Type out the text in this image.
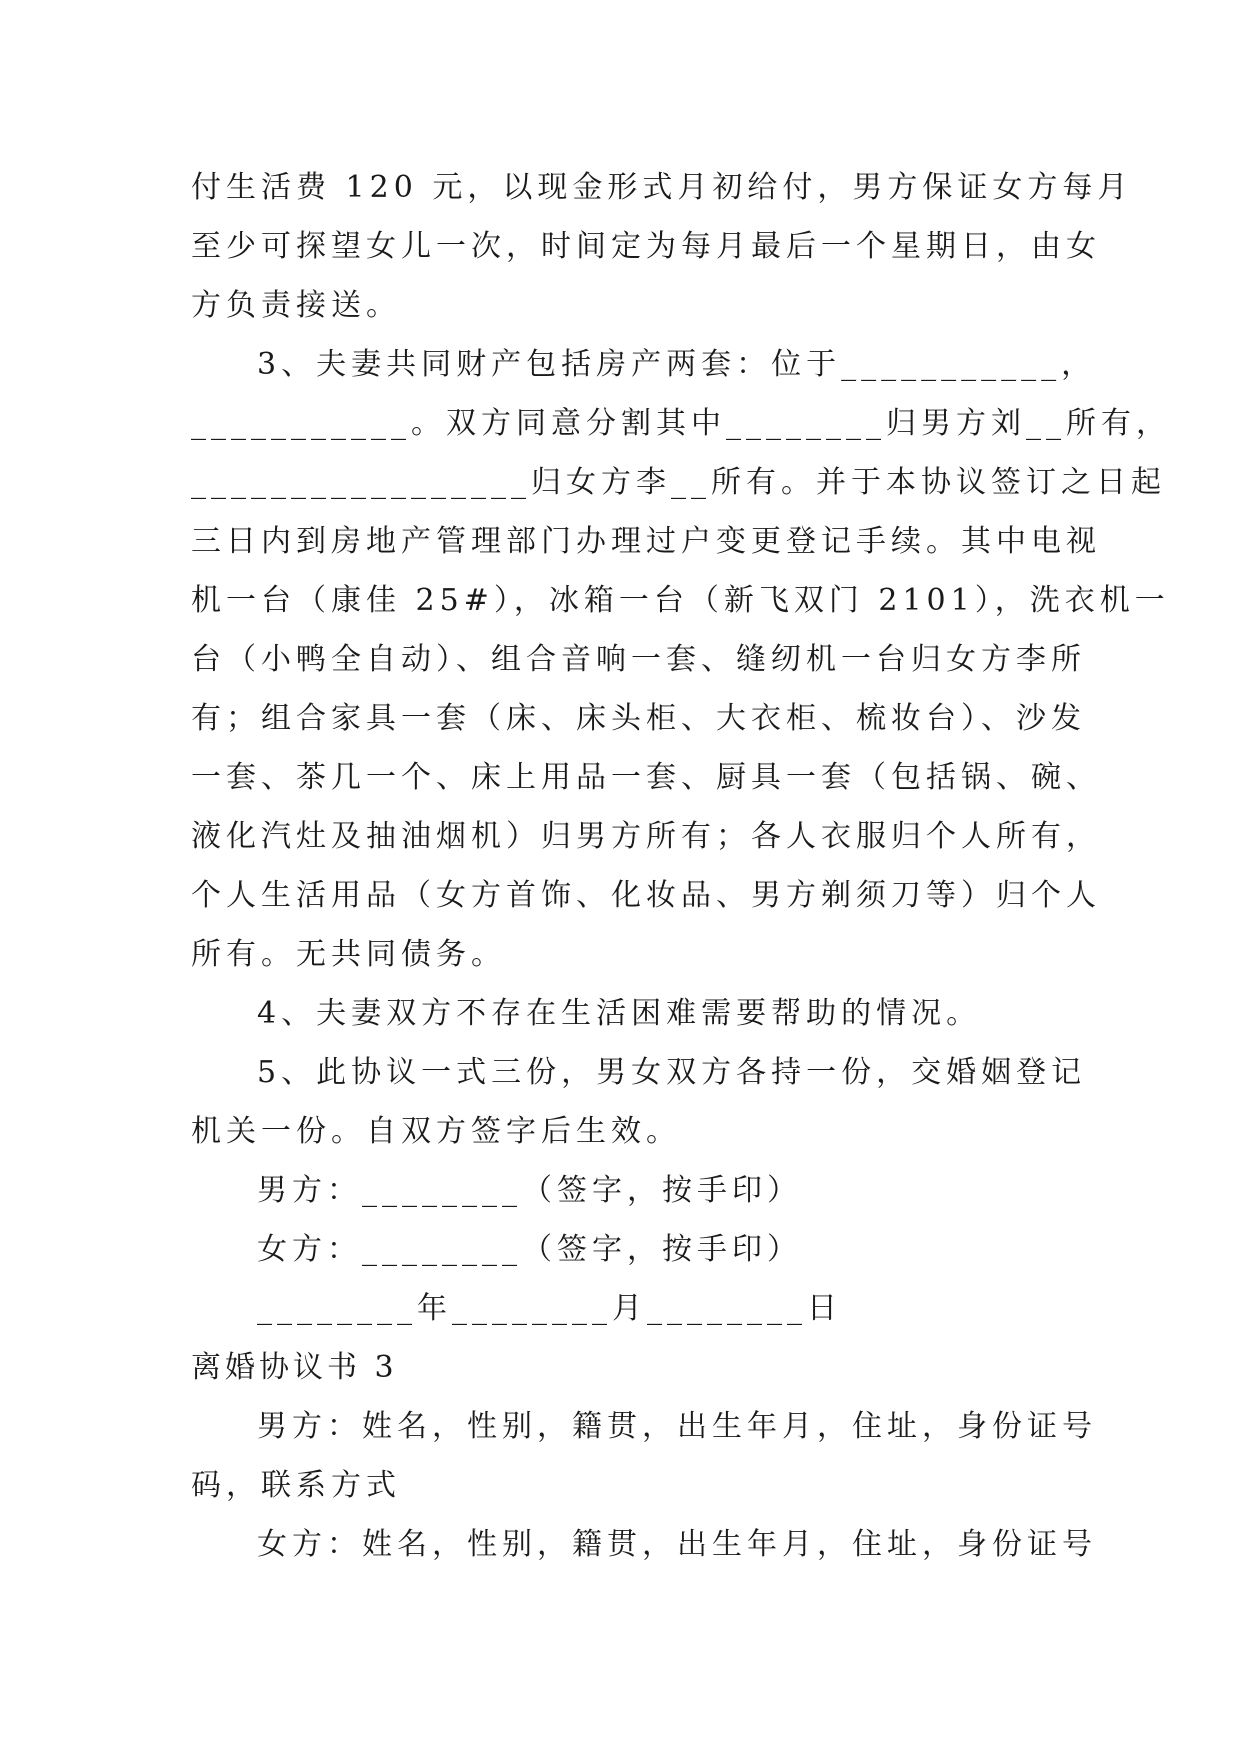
付生活费 120 元，以现金形式月初给付，男方保证女方每月
至少可探望女儿一次，时间定为每月最后一个星期日，由女
方负责接送。
3、夫妻共同财产包括房产两套：位于___________，
___________。双方同意分割其中________归男方刘__所有，
_________________归女方李__所有。并于本协议签订之日起
三日内到房地产管理部门办理过户变更登记手续。其中电视
机一台（康佳 25#），冰箱一台（新飞双门 2101），洗衣机一
台（小鸭全自动）、组合音响一套、缝纫机一台归女方李所
有；组合家具一套（床、床头柜、大衣柜、梳妆台）、沙发
一套、茶几一个、床上用品一套、厨具一套（包括锅、碗、
液化汽灶及抽油烟机）归男方所有；各人衣服归个人所有，
个人生活用品（女方首饰、化妆品、男方剃须刀等）归个人
所有。无共同债务。
4、夫妻双方不存在生活困难需要帮助的情况。
5、此协议一式三份，男女双方各持一份，交婚姻登记
机关一份。自双方签字后生效。
男方：________（签字，按手印）
女方：________（签字，按手印）
________年________月________日
离婚协议书 3
男方：姓名，性别，籍贯，出生年月，住址，身份证号
码，联系方式
女方：姓名，性别，籍贯，出生年月，住址，身份证号
